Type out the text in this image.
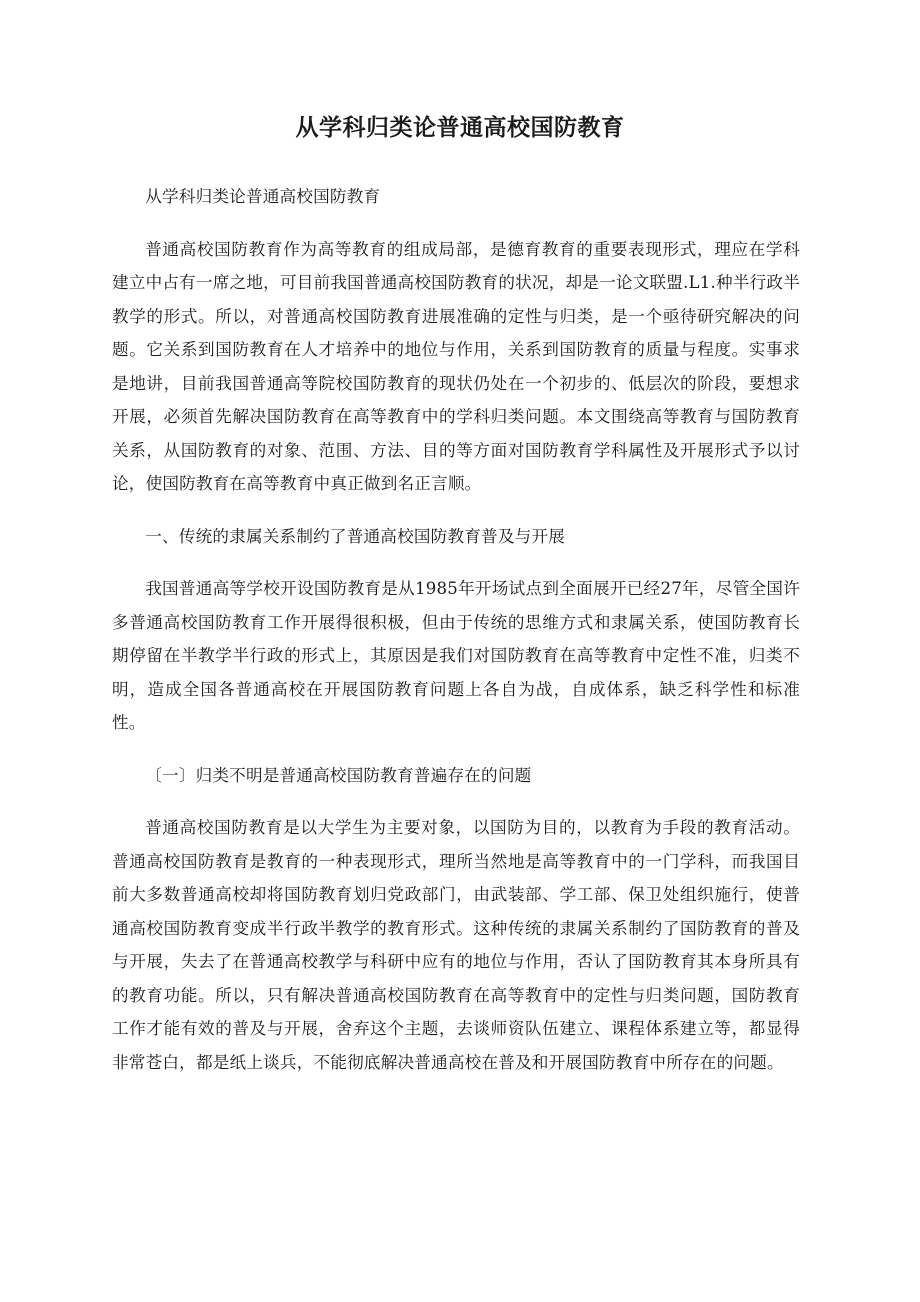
从学科归类论普通高校国防教育

从学科归类论普通高校国防教育

普通高校国防教育作为高等教育的组成局部，是德育教育的重要表现形式，理应在学科建立中占有一席之地，可目前我国普通高校国防教育的状况，却是一论文联盟.L1.种半行政半教学的形式。所以，对普通高校国防教育进展准确的定性与归类，是一个亟待研究解决的问题。它关系到国防教育在人才培养中的地位与作用，关系到国防教育的质量与程度。实事求是地讲，目前我国普通高等院校国防教育的现状仍处在一个初步的、低层次的阶段，要想求开展，必须首先解决国防教育在高等教育中的学科归类问题。本文围绕高等教育与国防教育关系，从国防教育的对象、范围、方法、目的等方面对国防教育学科属性及开展形式予以讨论，使国防教育在高等教育中真正做到名正言顺。

一、传统的隶属关系制约了普通高校国防教育普及与开展

我国普通高等学校开设国防教育是从1985年开场试点到全面展开已经27年，尽管全国许多普通高校国防教育工作开展得很积极，但由于传统的思维方式和隶属关系，使国防教育长期停留在半教学半行政的形式上，其原因是我们对国防教育在高等教育中定性不准，归类不明，造成全国各普通高校在开展国防教育问题上各自为战，自成体系，缺乏科学性和标准性。

〔一〕归类不明是普通高校国防教育普遍存在的问题

普通高校国防教育是以大学生为主要对象，以国防为目的，以教育为手段的教育活动。普通高校国防教育是教育的一种表现形式，理所当然地是高等教育中的一门学科，而我国目前大多数普通高校却将国防教育划归党政部门，由武装部、学工部、保卫处组织施行，使普通高校国防教育变成半行政半教学的教育形式。这种传统的隶属关系制约了国防教育的普及与开展，失去了在普通高校教学与科研中应有的地位与作用，否认了国防教育其本身所具有的教育功能。所以，只有解决普通高校国防教育在高等教育中的定性与归类问题，国防教育工作才能有效的普及与开展，舍弃这个主题，去谈师资队伍建立、课程体系建立等，都显得非常苍白，都是纸上谈兵，不能彻底解决普通高校在普及和开展国防教育中所存在的问题。
